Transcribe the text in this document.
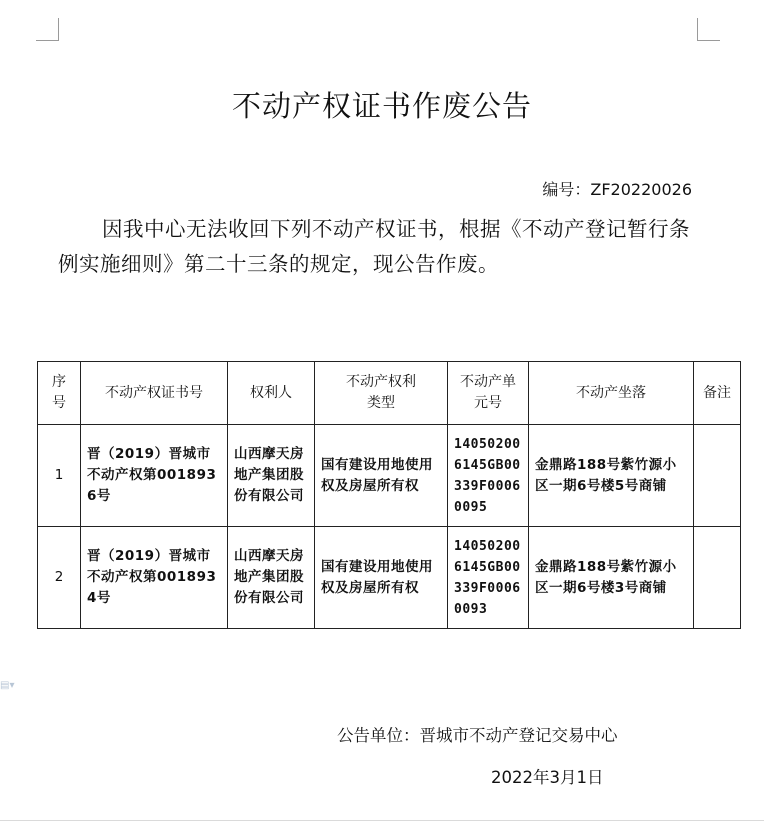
不动产权证书作废公告
编号：ZF20220026
因我中心无法收回下列不动产权证书，根据《不动产登记暂行条例实施细则》第二十三条的规定，现公告作废。
序号	不动产权证书号	权利人	不动产权利类型	不动产单元号	不动产坐落	备注
1	晋（2019）晋城市不动产权第0018936号	山西摩天房地产集团股份有限公司	国有建设用地使用权及房屋所有权	140502006145GB00339F00060095	金鼎路188号紫竹源小区一期6号楼5号商铺	
2	晋（2019）晋城市不动产权第0018934号	山西摩天房地产集团股份有限公司	国有建设用地使用权及房屋所有权	140502006145GB00339F00060093	金鼎路188号紫竹源小区一期6号楼3号商铺	
▤▾
公告单位：晋城市不动产登记交易中心
2022年3月1日
